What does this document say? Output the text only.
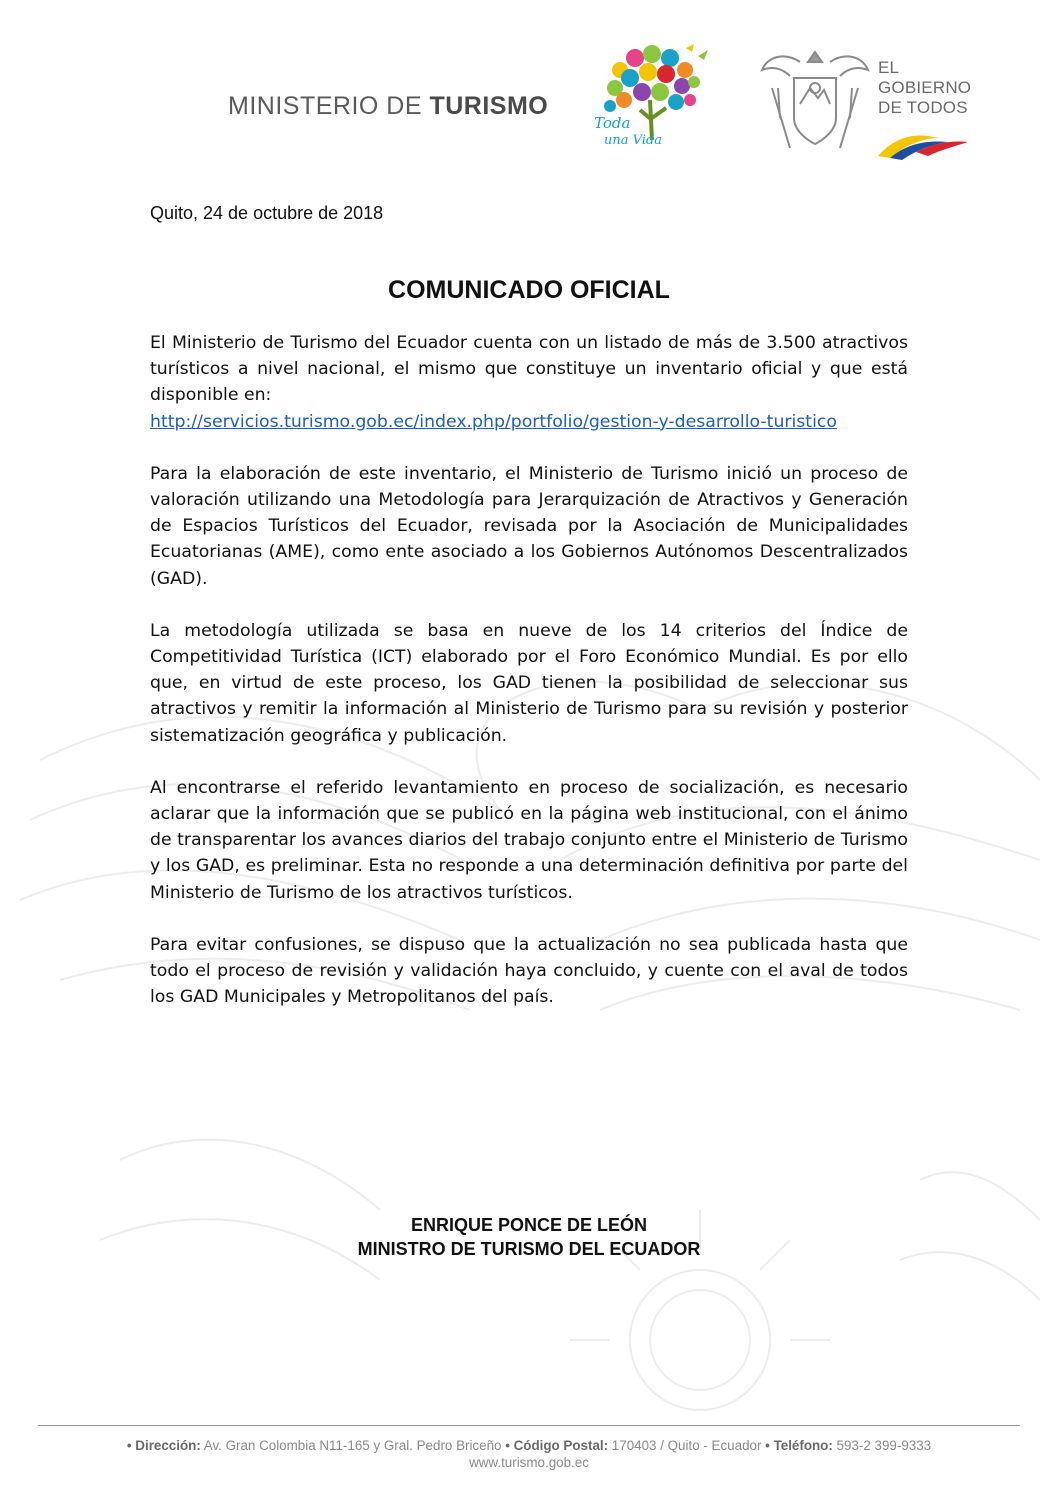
MINISTERIO DE TURISMO
Toda
una Vida
EL
GOBIERNO
DE TODOS
Quito, 24 de octubre de 2018
COMUNICADO OFICIAL

El Ministerio de Turismo del Ecuador cuenta con un listado de más de 3.500 atractivos turísticos a nivel nacional, el mismo que constituye un inventario oficial y que está disponible en:
http://servicios.turismo.gob.ec/index.php/portfolio/gestion-y-desarrollo-turistico

Para la elaboración de este inventario, el Ministerio de Turismo inició un proceso de valoración utilizando una Metodología para Jerarquización de Atractivos y Generación de Espacios Turísticos del Ecuador, revisada por la Asociación de Municipalidades Ecuatorianas (AME), como ente asociado a los Gobiernos Autónomos Descentralizados (GAD).

La metodología utilizada se basa en nueve de los 14 criterios del Índice de Competitividad Turística (ICT) elaborado por el Foro Económico Mundial. Es por ello que, en virtud de este proceso, los GAD tienen la posibilidad de seleccionar sus atractivos y remitir la información al Ministerio de Turismo para su revisión y posterior sistematización geográfica y publicación.

Al encontrarse el referido levantamiento en proceso de socialización, es necesario aclarar que la información que se publicó en la página web institucional, con el ánimo de transparentar los avances diarios del trabajo conjunto entre el Ministerio de Turismo y los GAD, es preliminar. Esta no responde a una determinación definitiva por parte del Ministerio de Turismo de los atractivos turísticos.

Para evitar confusiones, se dispuso que la actualización no sea publicada hasta que todo el proceso de revisión y validación haya concluido, y cuente con el aval de todos los GAD Municipales y Metropolitanos del país.

ENRIQUE PONCE DE LEÓN
MINISTRO DE TURISMO DEL ECUADOR
• Dirección: Av. Gran Colombia N11-165 y Gral. Pedro Briceño • Código Postal: 170403 / Quito - Ecuador • Teléfono: 593-2 399-9333
www.turismo.gob.ec
